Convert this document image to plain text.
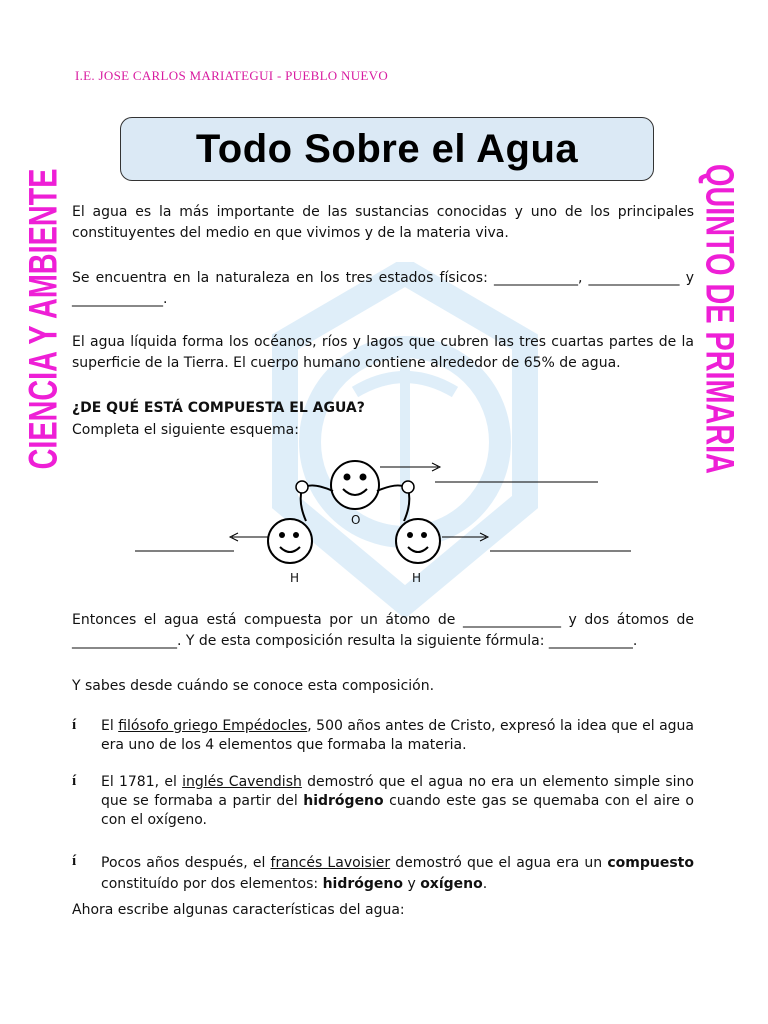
I.E. JOSE CARLOS MARIATEGUI - PUEBLO NUEVO
Todo Sobre el Agua
CIENCIA Y AMBIENTE	QUINTO DE PRIMARIA

El agua es la más importante de las sustancias conocidas y uno de los principales constituyentes del medio en que vivimos y de la materia viva.

Se encuentra en la naturaleza en los tres estados físicos: ____________, _____________ y _____________.

El agua líquida forma los océanos, ríos y lagos que cubren las tres cuartas partes de la superficie de la Tierra. El cuerpo humano contiene alrededor de 65% de agua.

¿DE QUÉ ESTÁ COMPUESTA EL AGUA?

Completa el siguiente esquema:

O
H	H

Entonces el agua está compuesta por un átomo de ______________ y dos átomos de _______________. Y de esta composición resulta la siguiente fórmula: ____________.

Y sabes desde cuándo se conoce esta composición.

í El filósofo griego Empédocles, 500 años antes de Cristo, expresó la idea que el agua era uno de los 4 elementos que formaba la materia.

í El 1781, el inglés Cavendish demostró que el agua no era un elemento simple sino que se formaba a partir del hidrógeno cuando este gas se quemaba con el aire o con el oxígeno.

í Pocos años después, el francés Lavoisier demostró que el agua era un compuesto constituído por dos elementos: hidrógeno y oxígeno.

Ahora escribe algunas características del agua:
